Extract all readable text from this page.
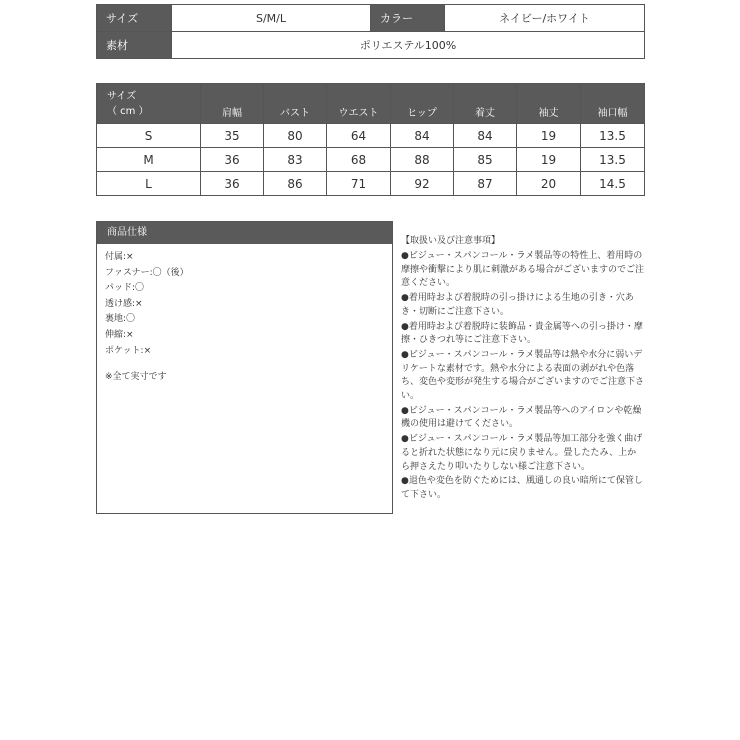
サイズ	S/M/L	カラー	ネイビー/ホワイト
素材	ポリエステル100%		
サイズ
（ cm ）	肩幅	バスト	ウエスト	ヒップ	着丈	袖丈	袖口幅
S	35	80	64	84	84	19	13.5
M	36	83	68	88	85	19	13.5
L	36	86	71	92	87	20	14.5
商品仕様
付属:×
ファスナー:〇（後）
パッド:〇
透け感:×
裏地:〇
伸縮:×
ポケット:×
※全て実寸です
【取扱い及び注意事項】
●ビジュー・スパンコール・ラメ製品等の特性上、着用時の摩擦や衝撃により肌に刺激がある場合がございますのでご注意ください。
●着用時および着脱時の引っ掛けによる生地の引き・穴あき・切断にご注意下さい。
●着用時および着脱時に装飾品・貴金属等への引っ掛け・摩擦・ひきつれ等にご注意下さい。
●ビジュー・スパンコール・ラメ製品等は熱や水分に弱いデリケートな素材です。熱や水分による表面の剥がれや色落ち、変色や変形が発生する場合がございますのでご注意下さい。
●ビジュー・スパンコール・ラメ製品等へのアイロンや乾燥機の使用は避けてください。
●ビジュー・スパンコール・ラメ製品等加工部分を強く曲げると折れた状態になり元に戻りません。畳したたみ、上から押さえたり叩いたりしない様ご注意下さい。
●退色や変色を防ぐためには、風通しの良い暗所にて保管して下さい。
